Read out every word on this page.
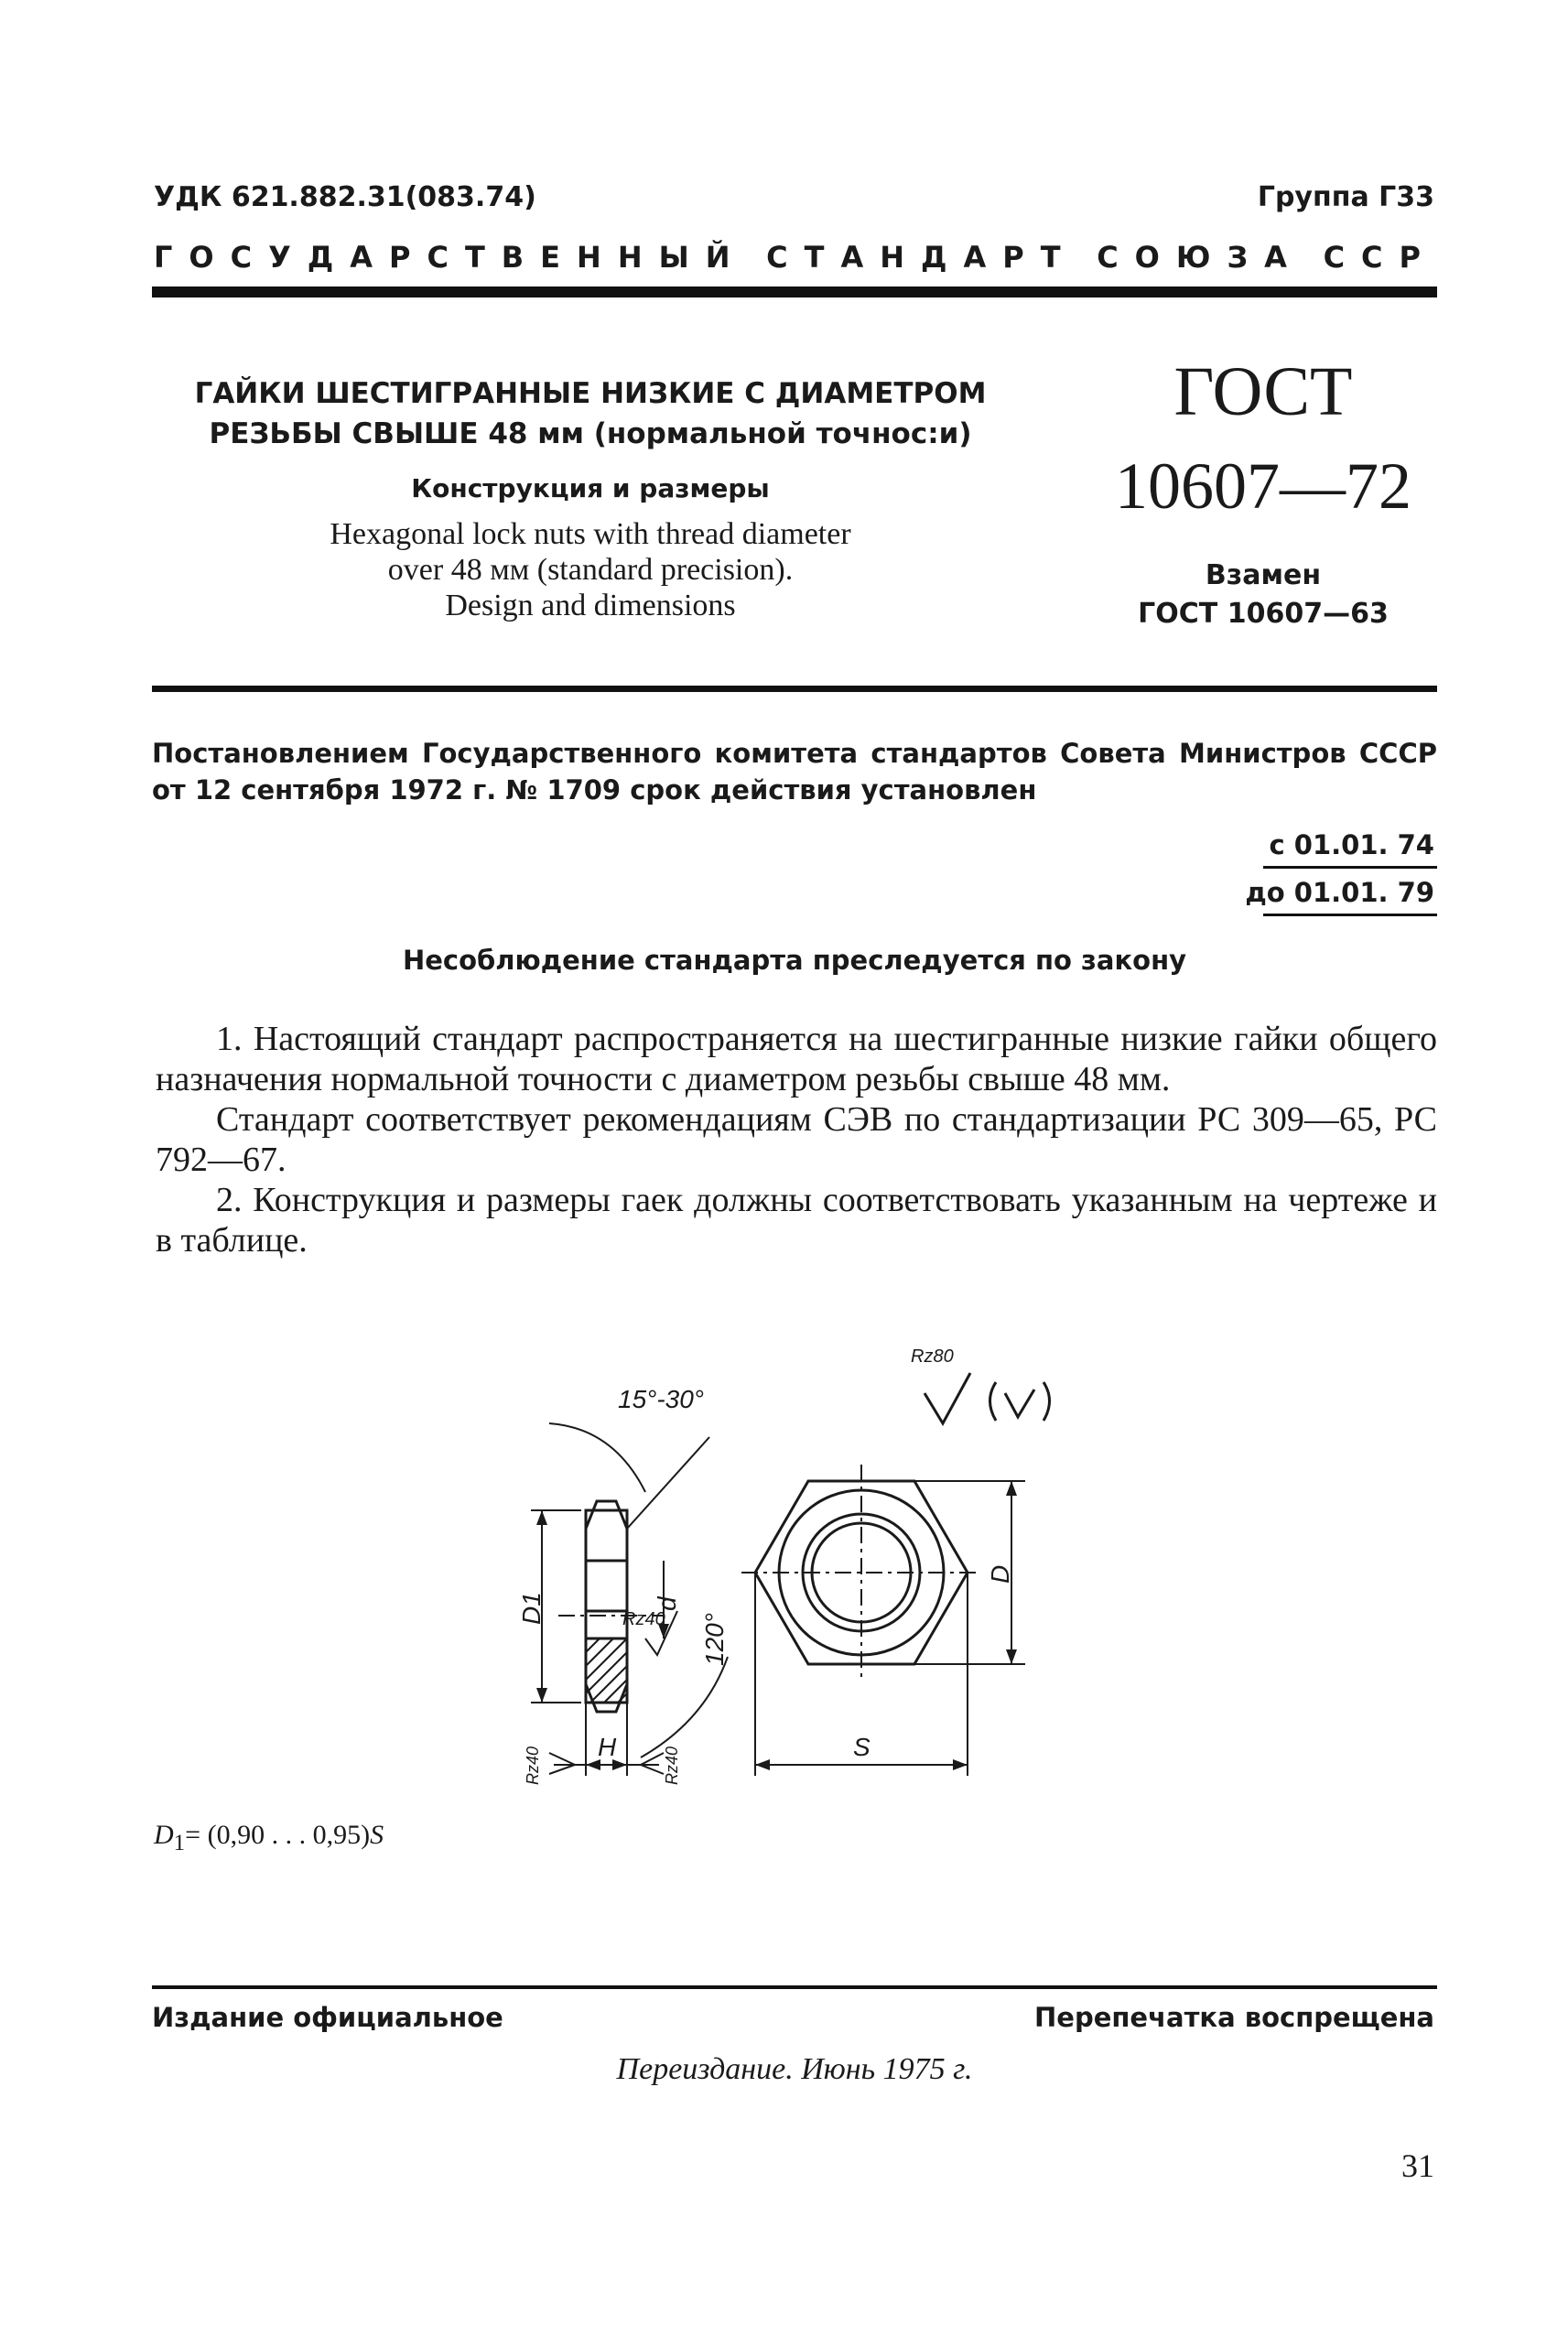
УДК 621.882.31(083.74)	Группа Г33
ГОСУДАРСТВЕННЫЙ СТАНДАРТ СОЮЗА ССР
ГАЙКИ ШЕСТИГРАННЫЕ НИЗКИЕ С ДИАМЕТРОМ
РЕЗЬБЫ СВЫШЕ 48 мм (нормальной точнос:и)
Конструкция и размеры
Hexagonal lock nuts with thread diameter
over 48 мм (standard precision).
Design and dimensions
ГОСТ
10607—72
Взамен
ГОСТ 10607—63
Постановлением Государственного комитета стандартов Совета Министров СССР от 12 сентября 1972 г. № 1709 срок действия установлен
с 01.01. 74
до 01.01. 79
Несоблюдение стандарта преследуется по закону

1. Настоящий стандарт распространяется на шестигранные низкие гайки общего назначения нормальной точности с диаметром резьбы свыше 48 мм.

Стандарт соответствует рекомендациям СЭВ по стандартизации РС 309—65, РС 792—67.

2. Конструкция и размеры гаек должны соответствовать указанным на чертеже и в таблице.

15°-30°
D1	d
Rz40 120°
Rz40	Rz40
H
D
S
Rz80
$D_1= (0,90$ . . . 0,95)S
Издание официальное	Перепечатка воспрещена
Переиздание. Июнь 1975 г.
31
